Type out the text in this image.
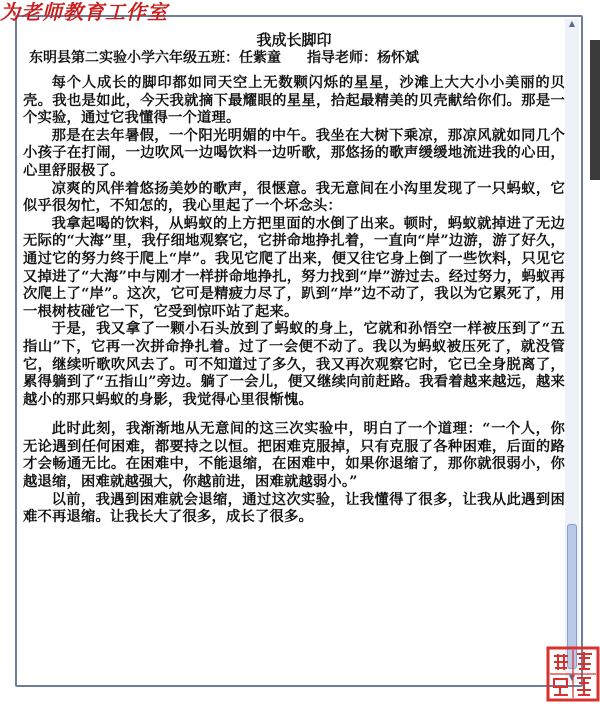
为老师教育工作室
我成长脚印
东明县第二实验小学六年级五班：任紫童 指导老师：杨怀斌

每个人成长的脚印都如同天空上无数颗闪烁的星星，沙滩上大大小小美丽的贝壳。我也是如此，今天我就摘下最耀眼的星星，拾起最精美的贝壳献给你们。那是一个实验，通过它我懂得一个道理。

那是在去年暑假，一个阳光明媚的中午。我坐在大树下乘凉，那凉风就如同几个小孩子在打闹，一边吹风一边喝饮料一边听歌，那悠扬的歌声缓缓地流进我的心田，心里舒服极了。

凉爽的风伴着悠扬美妙的歌声，很惬意。我无意间在小沟里发现了一只蚂蚁，它似乎很匆忙，不知怎的，我心里起了一个坏念头：

我拿起喝的饮料，从蚂蚁的上方把里面的水倒了出来。顿时，蚂蚁就掉进了无边无际的“大海”里，我仔细地观察它，它拼命地挣扎着，一直向“岸”边游，游了好久，通过它的努力终于爬上“岸”。我见它爬了出来，便又往它身上倒了一些饮料，只见它又掉进了“大海”中与刚才一样拼命地挣扎，努力找到“岸”游过去。经过努力，蚂蚁再次爬上了“岸”。这次，它可是精疲力尽了，趴到“岸”边不动了，我以为它累死了，用一根树枝碰它一下，它受到惊吓站了起来。

于是，我又拿了一颗小石头放到了蚂蚁的身上，它就和孙悟空一样被压到了“五指山”下，它再一次拼命挣扎着。过了一会便不动了。我以为蚂蚁被压死了，就没管它，继续听歌吹风去了。可不知道过了多久，我又再次观察它时，它已全身脱离了，累得躺到了“五指山”旁边。躺了一会儿，便又继续向前赶路。我看着越来越远，越来越小的那只蚂蚁的身影，我觉得心里很惭愧。

此时此刻，我渐渐地从无意间的这三次实验中，明白了一个道理：“一个人，你无论遇到任何困难，都要持之以恒。把困难克服掉，只有克服了各种困难，后面的路才会畅通无比。在困难中，不能退缩，在困难中，如果你退缩了，那你就很弱小，你越退缩，困难就越强大，你越前进，困难就越弱小。”

以前，我遇到困难就会退缩，通过这次实验，让我懂得了很多，让我从此遇到困难不再退缩。让我长大了很多，成长了很多。

▲
▼
